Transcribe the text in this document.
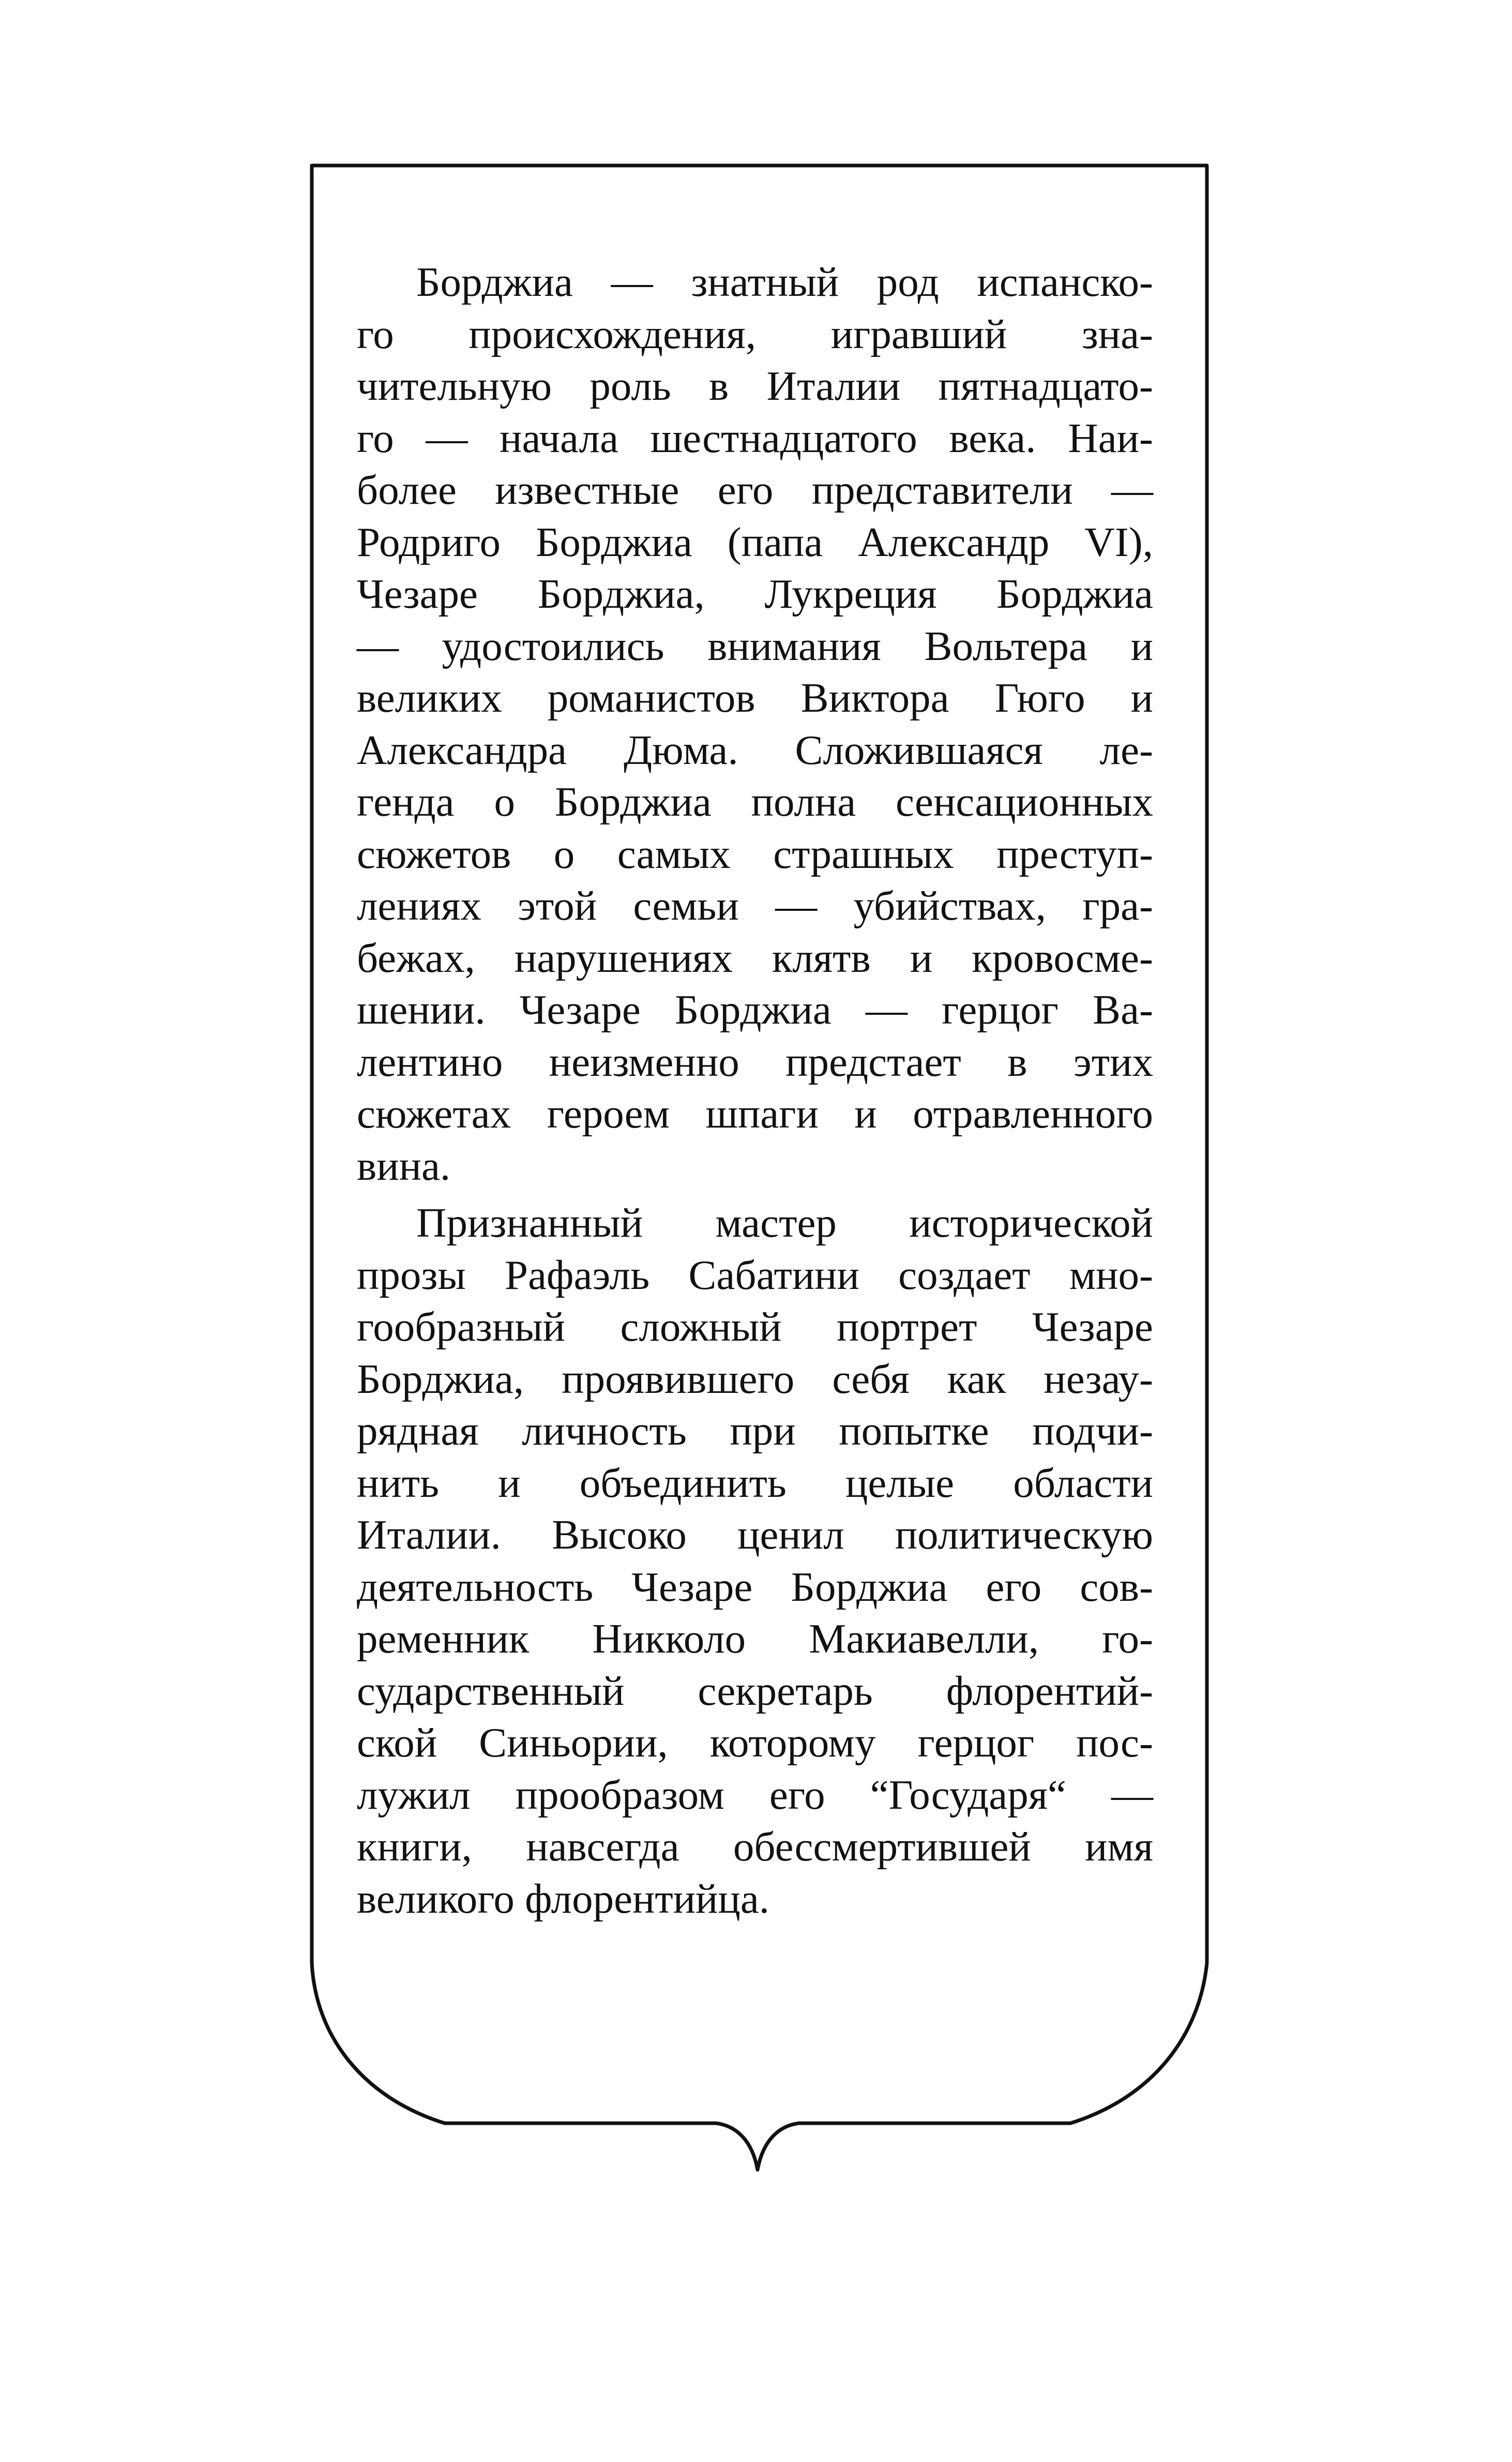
Борджиа — знатный род испанско-
го происхождения, игравший зна-
чительную роль в Италии пятнадцато-
го — начала шестнадцатого века. Наи-
более известные его представители —
Родриго Борджиа (папа Александр VI),
Чезаре Борджиа, Лукреция Борджиа
— удостоились внимания Вольтера и
великих романистов Виктора Гюго и
Александра Дюма. Сложившаяся ле-
генда о Борджиа полна сенсационных
сюжетов о самых страшных преступ-
лениях этой семьи — убийствах, гра-
бежах, нарушениях клятв и кровосме-
шении. Чезаре Борджиа — герцог Ва-
лентино неизменно предстает в этих
сюжетах героем шпаги и отравленного
вина.
Признанный мастер исторической
прозы Рафаэль Сабатини создает мно-
гообразный сложный портрет Чезаре
Борджиа, проявившего себя как незау-
рядная личность при попытке подчи-
нить и объединить целые области
Италии. Высоко ценил политическую
деятельность Чезаре Борджиа его сов-
ременник Никколо Макиавелли, го-
сударственный секретарь флорентий-
ской Синьории, которому герцог пос-
лужил прообразом его “Государя“ —
книги, навсегда обессмертившей имя
великого флорентийца.
